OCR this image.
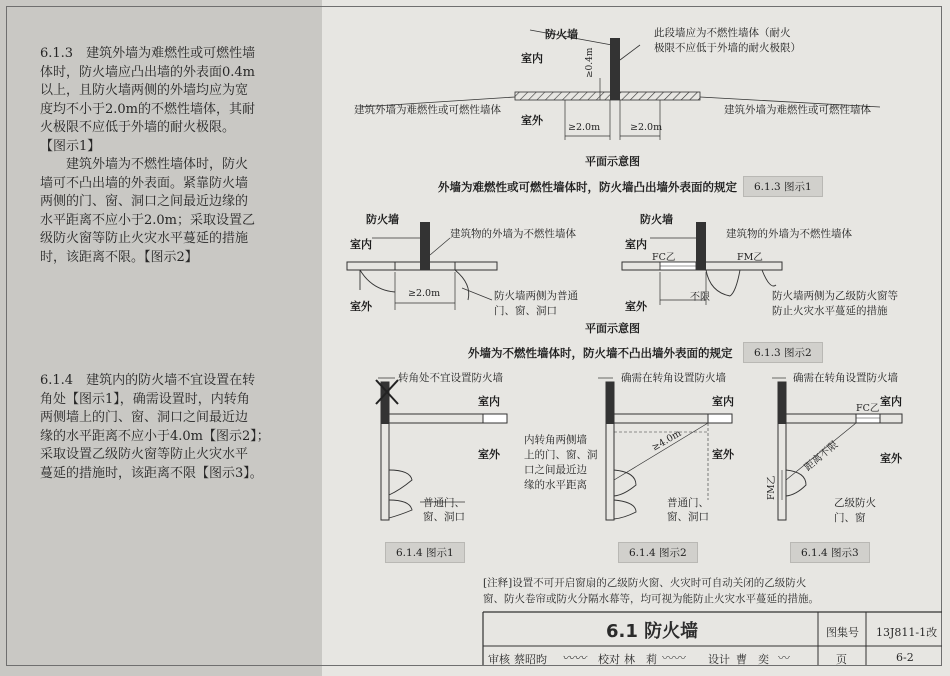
6.1.3　建筑外墙为难燃性或可燃性墙
体时，防火墙应凸出墙的外表面0.4m
以上，且防火墙两侧的外墙均应为宽
度均不小于2.0m的不燃性墙体，其耐
火极限不应低于外墙的耐火极限。
【图示1】
　　建筑外墙为不燃性墙体时，防火
墙可不凸出墙的外表面。紧靠防火墙
两侧的门、窗、洞口之间最近边缘的
水平距离不应小于2.0m；采取设置乙
级防火窗等防止火灾水平蔓延的措施
时，该距离不限。【图示2】
6.1.4　建筑内的防火墙不宜设置在转
角处【图示1】，确需设置时，内转角
两侧墙上的门、窗、洞口之间最近边
缘的水平距离不应小于4.0m【图示2】；
采取设置乙级防火窗等防止火灾水平
蔓延的措施时，该距离不限【图示3】。
防火墙	此段墙应为不燃性墙体（耐火
极限不应低于外墙的耐火极限）
室内
室外
≥0.4m
≥2.0m	≥2.0m
建筑外墙为难燃性或可燃性墙体	建筑外墙为难燃性或可燃性墙体
平面示意图
外墙为难燃性或可燃性墙体时，防火墙凸出墙外表面的规定	6.1.3 图示1
防火墙
建筑物的外墙为不燃性墙体
室内
室外
≥2.0m	防火墙两侧为普通
门、窗、洞口
防火墙
建筑物的外墙为不燃性墙体
室内
室外
FC乙	FM乙
不限	防火墙两侧为乙级防火窗等
防止火灾水平蔓延的措施
平面示意图
外墙为不燃性墙体时，防火墙不凸出墙外表面的规定	6.1.3 图示2
转角处不宜设置防火墙
室内
室外
普通门、
窗、洞口
6.1.4 图示1
确需在转角设置防火墙
室内
室外
≥4.0m
内转角两侧墙
上的门、窗、洞
口之间最近边
缘的水平距离
普通门、
窗、洞口
6.1.4 图示2
确需在转角设置防火墙
室内
室外
FC乙
FM乙
距离不限
乙级防火
门、窗
6.1.4 图示3
[注释]设置不可开启窗扇的乙级防火窗、火灾时可自动关闭的乙级防火
窗、防火卷帘或防火分隔水幕等，均可视为能防止火灾水平蔓延的措施。
6.1 防火墙	图集号 13J811-1改
审核 蔡昭昀 〰〰 校对 林　莉 〰〰 设计 曹　奕 〰	页	6-2
